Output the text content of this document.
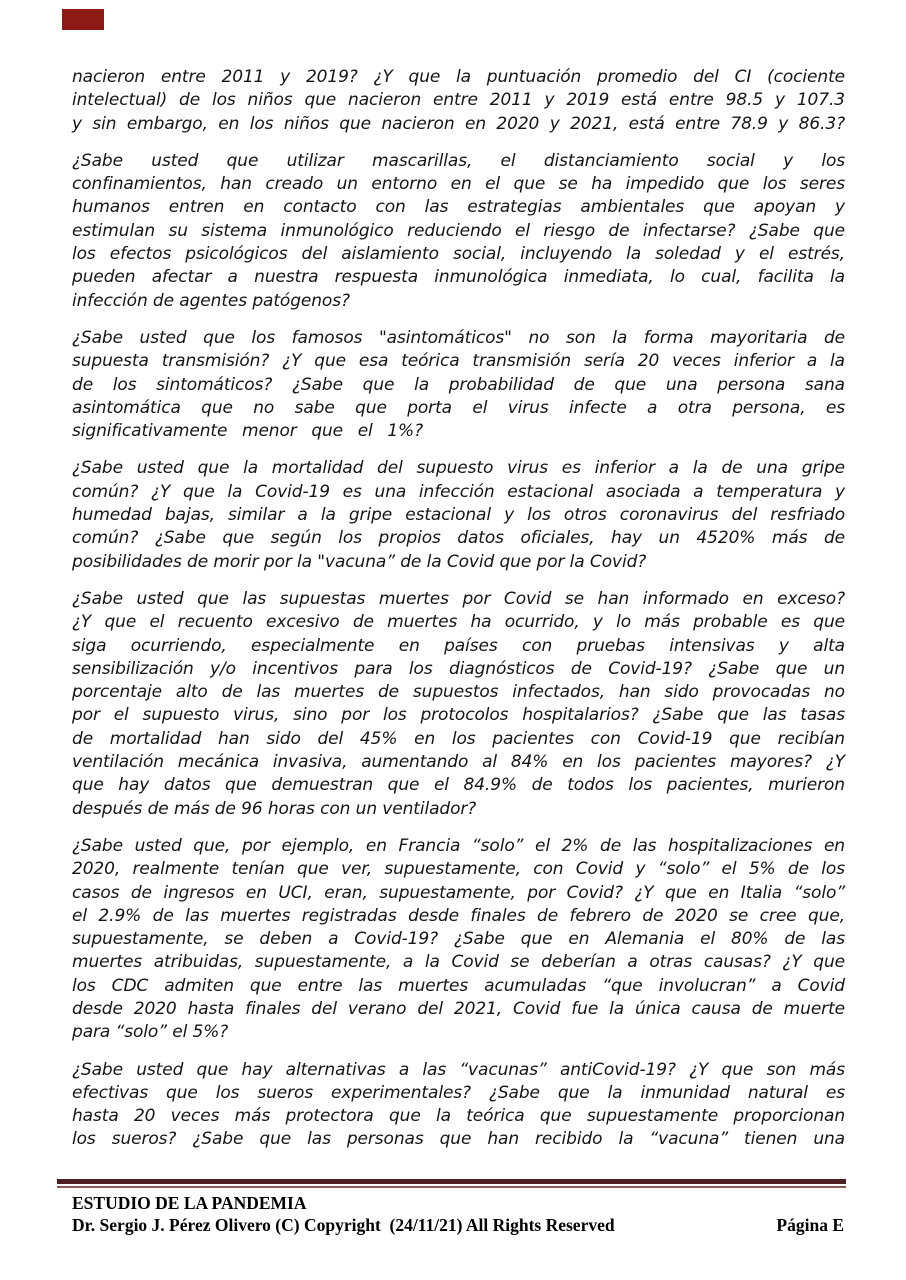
nacieron entre 2011 y 2019? ¿Y que la puntuación promedio del CI (cociente
intelectual) de los niños que nacieron entre 2011 y 2019 está entre 98.5 y 107.3
y sin embargo, en los niños que nacieron en 2020 y 2021, está entre 78.9 y 86.3?
¿Sabe usted que utilizar mascarillas, el distanciamiento social y los
confinamientos, han creado un entorno en el que se ha impedido que los seres
humanos entren en contacto con las estrategias ambientales que apoyan y
estimulan su sistema inmunológico reduciendo el riesgo de infectarse? ¿Sabe que
los efectos psicológicos del aislamiento social, incluyendo la soledad y el estrés,
pueden afectar a nuestra respuesta inmunológica inmediata, lo cual, facilita la
infección de agentes patógenos?
¿Sabe usted que los famosos "asintomáticos" no son la forma mayoritaria de
supuesta transmisión? ¿Y que esa teórica transmisión sería 20 veces inferior a la
de los sintomáticos? ¿Sabe que la probabilidad de que una persona sana
asintomática que no sabe que porta el virus infecte a otra persona, es
significativamente menor que el 1%?
¿Sabe usted que la mortalidad del supuesto virus es inferior a la de una gripe
común? ¿Y que la Covid-19 es una infección estacional asociada a temperatura y
humedad bajas, similar a la gripe estacional y los otros coronavirus del resfriado
común? ¿Sabe que según los propios datos oficiales, hay un 4520% más de
posibilidades de morir por la "vacuna” de la Covid que por la Covid?
¿Sabe usted que las supuestas muertes por Covid se han informado en exceso?
¿Y que el recuento excesivo de muertes ha ocurrido, y lo más probable es que
siga ocurriendo, especialmente en países con pruebas intensivas y alta
sensibilización y/o incentivos para los diagnósticos de Covid-19? ¿Sabe que un
porcentaje alto de las muertes de supuestos infectados, han sido provocadas no
por el supuesto virus, sino por los protocolos hospitalarios? ¿Sabe que las tasas
de mortalidad han sido del 45% en los pacientes con Covid-19 que recibían
ventilación mecánica invasiva, aumentando al 84% en los pacientes mayores? ¿Y
que hay datos que demuestran que el 84.9% de todos los pacientes, murieron
después de más de 96 horas con un ventilador?
¿Sabe usted que, por ejemplo, en Francia “solo” el 2% de las hospitalizaciones en
2020, realmente tenían que ver, supuestamente, con Covid y “solo” el 5% de los
casos de ingresos en UCI, eran, supuestamente, por Covid? ¿Y que en Italia “solo”
el 2.9% de las muertes registradas desde finales de febrero de 2020 se cree que,
supuestamente, se deben a Covid-19? ¿Sabe que en Alemania el 80% de las
muertes atribuidas, supuestamente, a la Covid se deberían a otras causas? ¿Y que
los CDC admiten que entre las muertes acumuladas “que involucran” a Covid
desde 2020 hasta finales del verano del 2021, Covid fue la única causa de muerte
para “solo” el 5%?
¿Sabe usted que hay alternativas a las “vacunas” antiCovid-19? ¿Y que son más
efectivas que los sueros experimentales? ¿Sabe que la inmunidad natural es
hasta 20 veces más protectora que la teórica que supuestamente proporcionan
los sueros? ¿Sabe que las personas que han recibido la “vacuna” tienen una
ESTUDIO DE LA PANDEMIA
Dr. Sergio J. Pérez Olivero (C) Copyright  (24/11/21) All Rights Reserved	Página E
